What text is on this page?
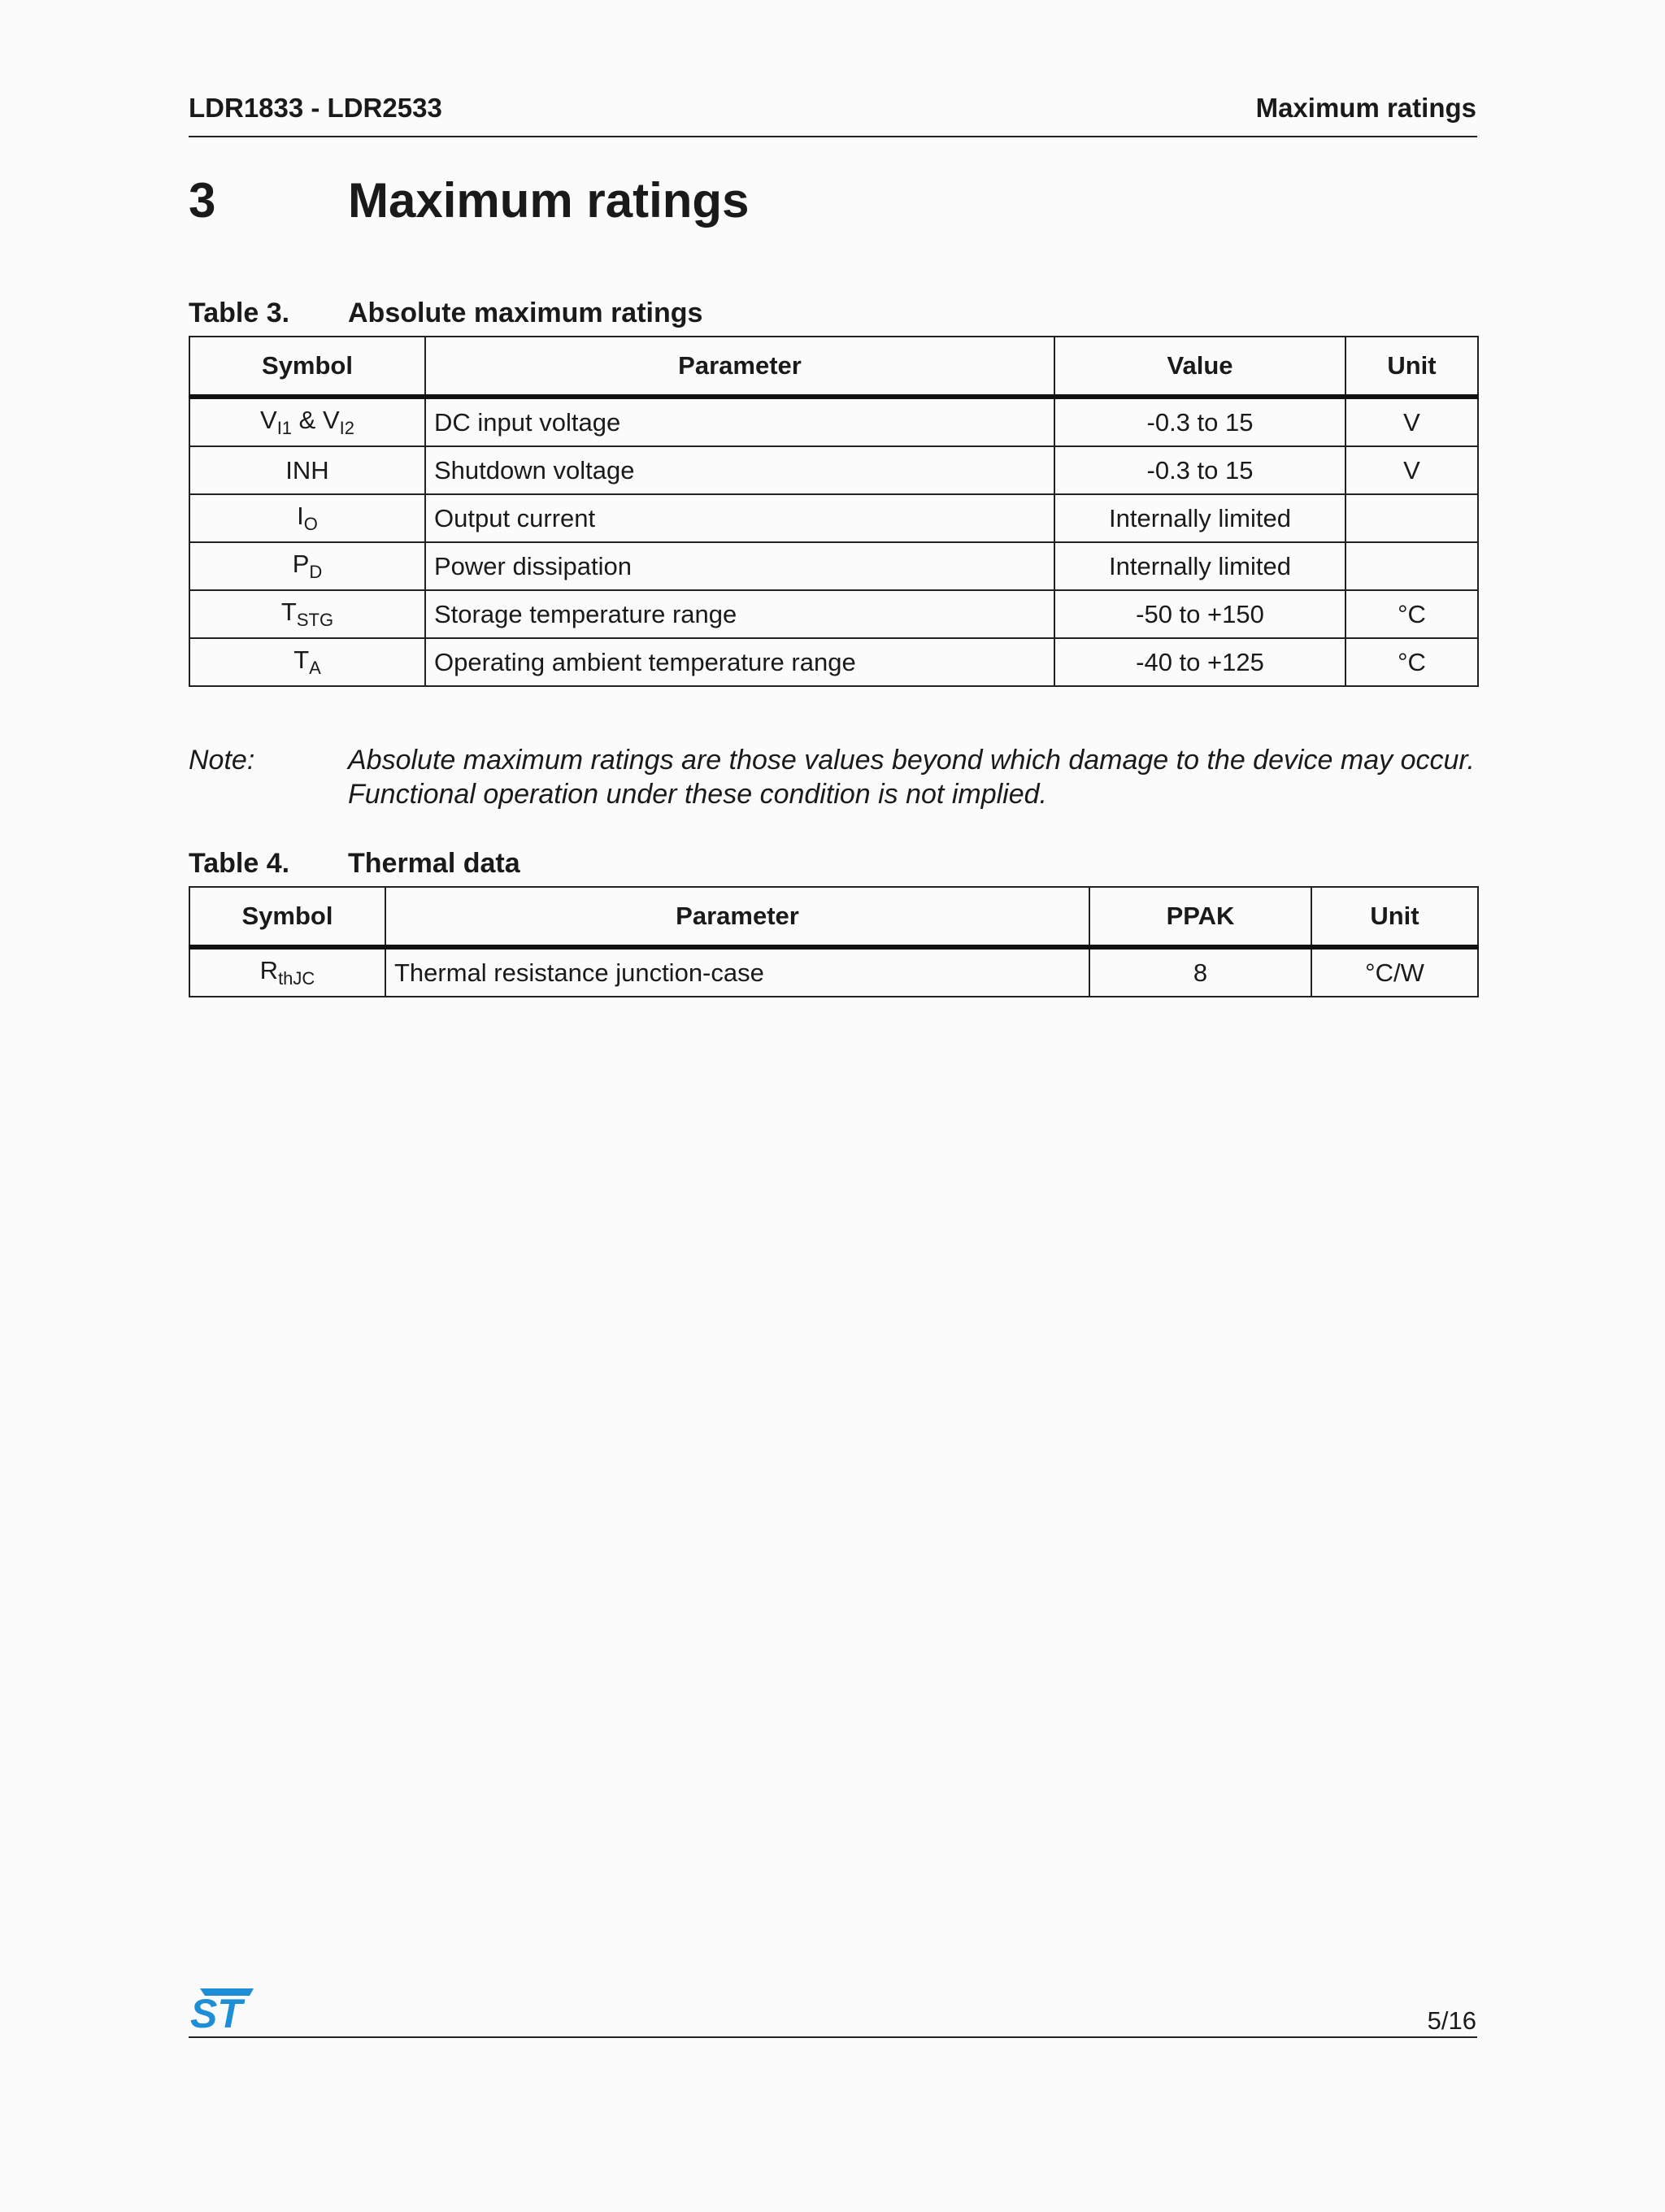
LDR1833 - LDR2533	Maximum ratings
3	Maximum ratings
Table 3. Absolute maximum ratings
Symbol	Parameter	Value	Unit
$V_{I1}$ & $V_{I2}$	DC input voltage	-0.3 to 15	V
INH	Shutdown voltage	-0.3 to 15	V
$I_O$	Output current	Internally limited	
$P_D$	Power dissipation	Internally limited	
$T_{STG}$	Storage temperature range	-50 to +150	°C
$T_A$	Operating ambient temperature range	-40 to +125	°C
Note:	Absolute maximum ratings are those values beyond which damage to the device may occur. Functional operation under these condition is not implied.
Table 4. Thermal data
Symbol	Parameter	PPAK	Unit
$R_{thJC}$	Thermal resistance junction-case	8	°C/W
ST	5/16
